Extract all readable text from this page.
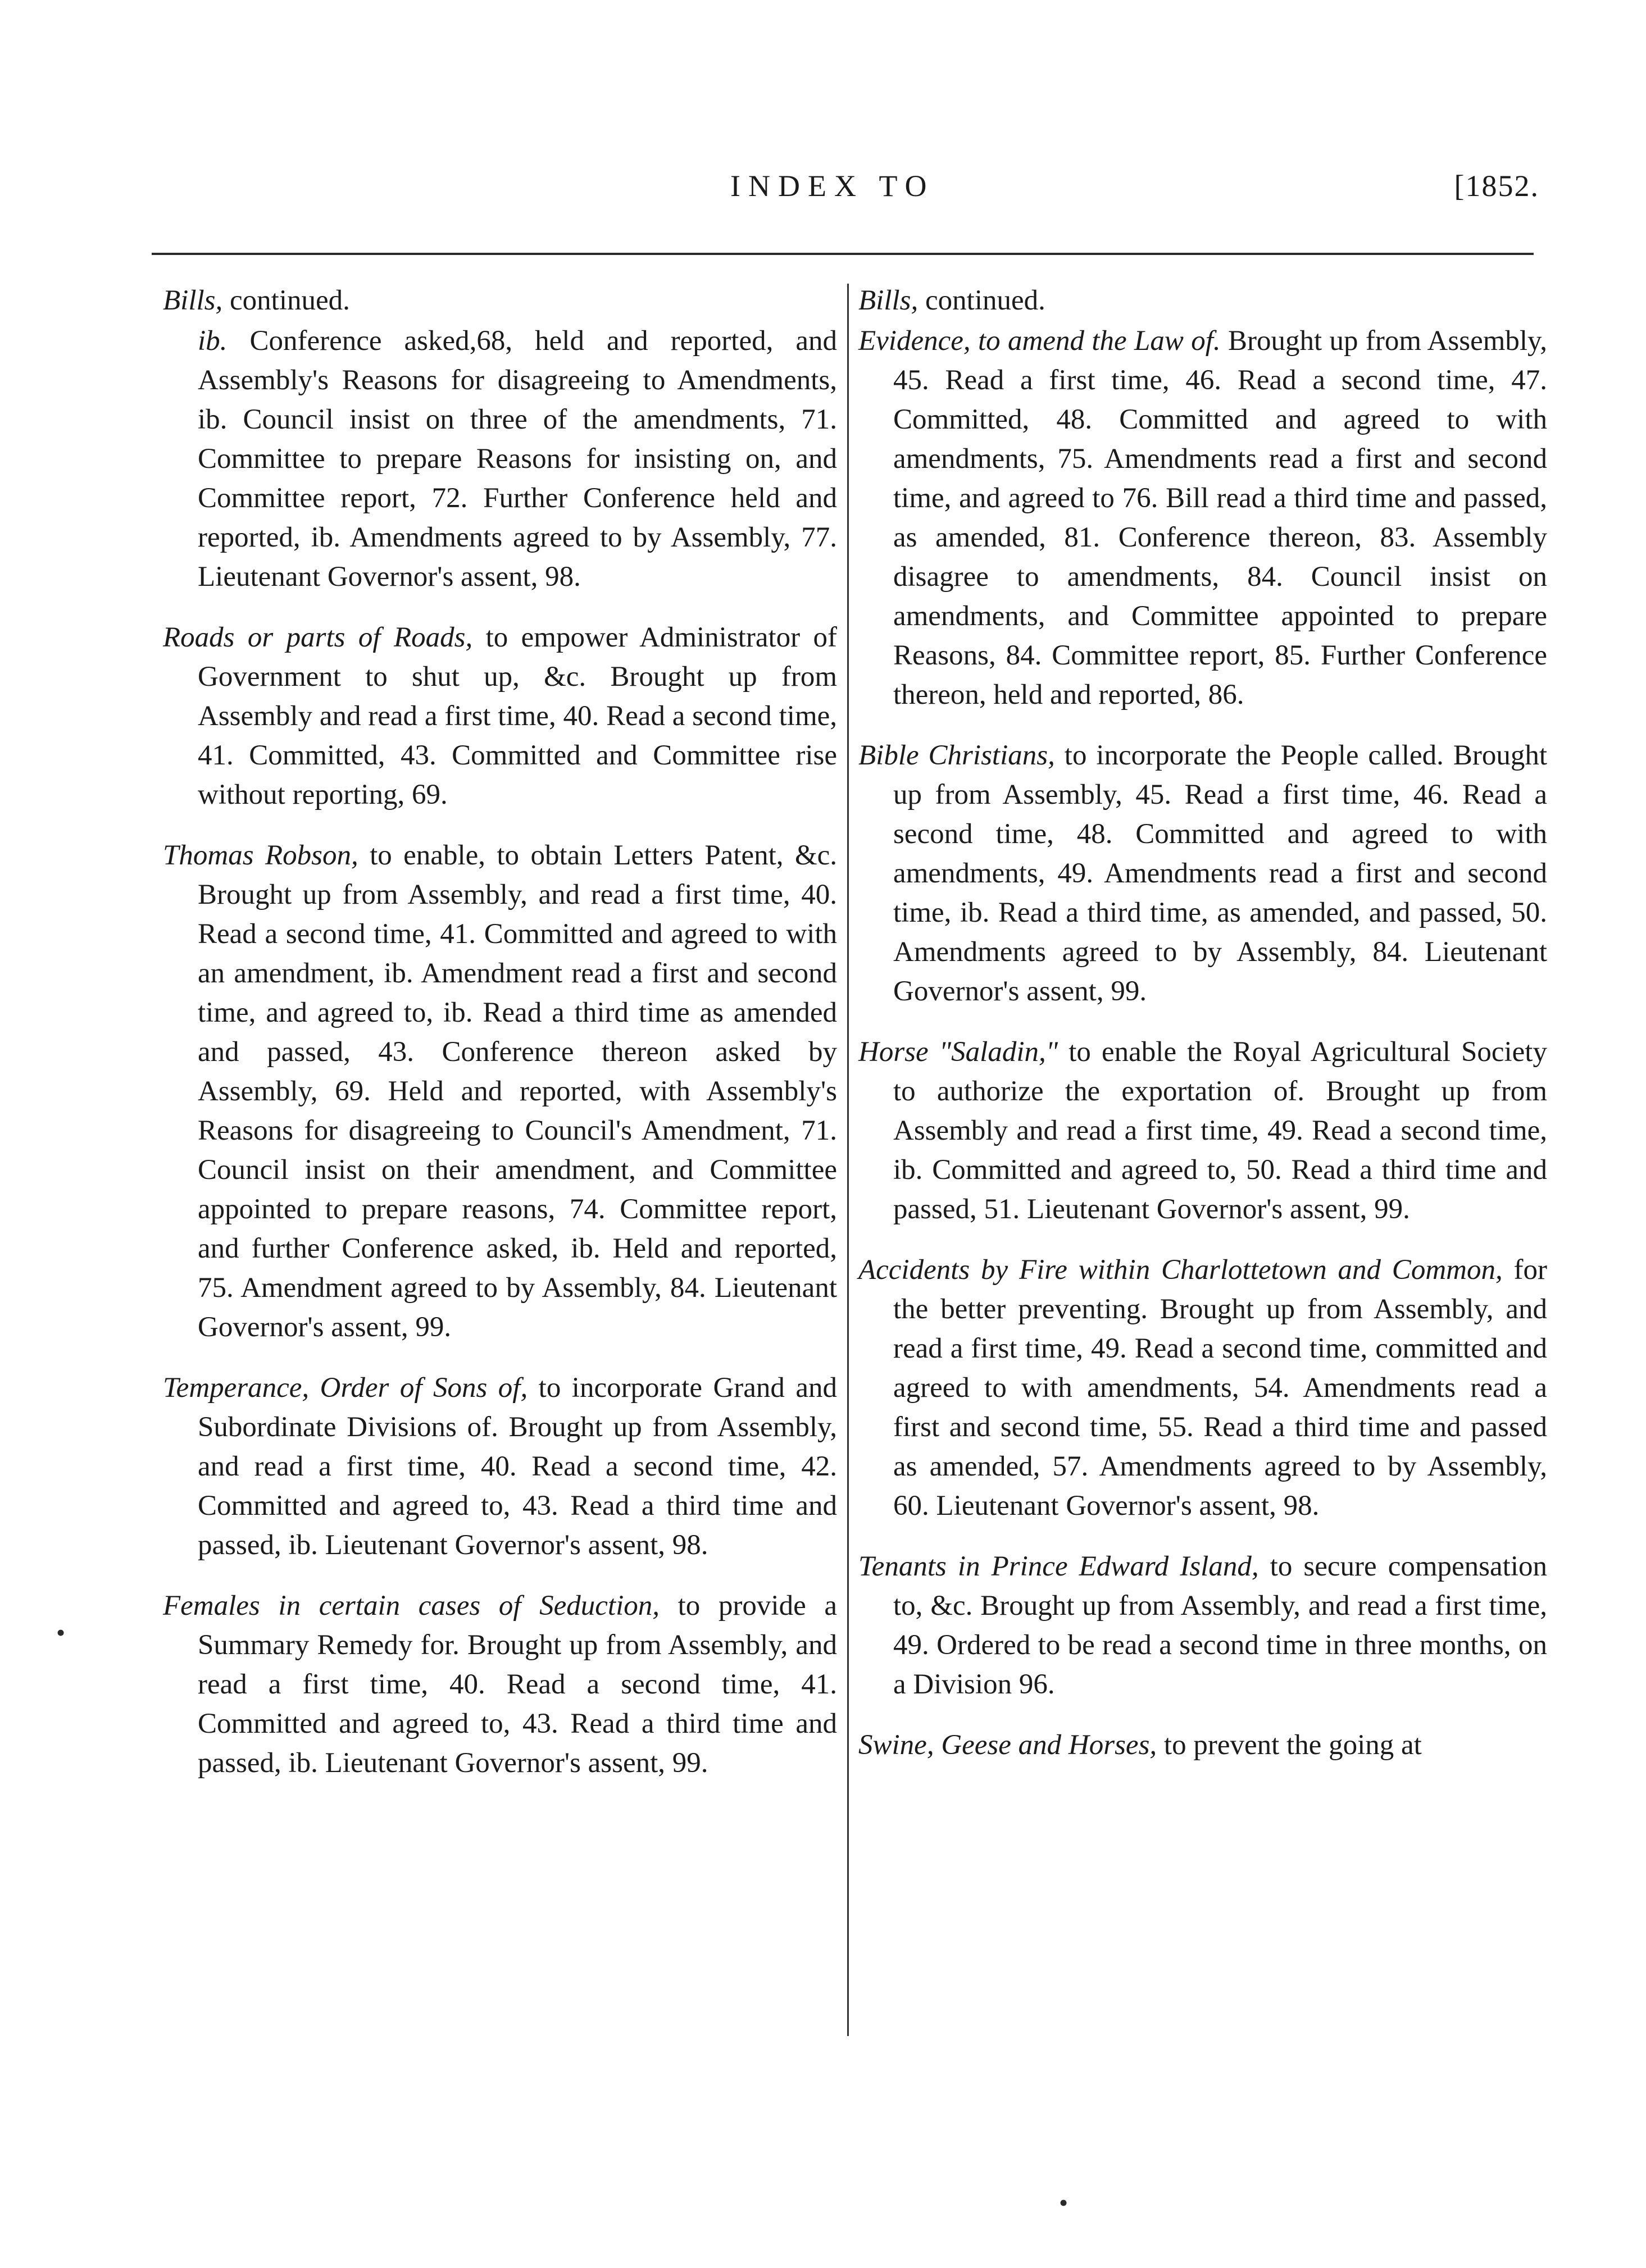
INDEX TO	[1852.
Bills, continued.
ib. Conference asked,68, held and reported, and Assembly's Reasons for disagreeing to Amendments, ib. Council insist on three of the amendments, 71. Committee to prepare Reasons for insisting on, and Committee report, 72. Further Conference held and reported, ib. Amendments agreed to by Assembly, 77. Lieutenant Governor's assent, 98.
Roads or parts of Roads, to empower Administrator of Government to shut up, &c. Brought up from Assembly and read a first time, 40. Read a second time, 41. Committed, 43. Committed and Committee rise without reporting, 69.
Thomas Robson, to enable, to obtain Letters Patent, &c. Brought up from Assembly, and read a first time, 40. Read a second time, 41. Committed and agreed to with an amendment, ib. Amendment read a first and second time, and agreed to, ib. Read a third time as amended and passed, 43. Conference thereon asked by Assembly, 69. Held and reported, with Assembly's Reasons for disagreeing to Council's Amendment, 71. Council insist on their amendment, and Committee appointed to prepare reasons, 74. Committee report, and further Conference asked, ib. Held and reported, 75. Amendment agreed to by Assembly, 84. Lieutenant Governor's assent, 99.
Temperance, Order of Sons of, to incorporate Grand and Subordinate Divisions of. Brought up from Assembly, and read a first time, 40. Read a second time, 42. Committed and agreed to, 43. Read a third time and passed, ib. Lieutenant Governor's assent, 98.
Females in certain cases of Seduction, to provide a Summary Remedy for. Brought up from Assembly, and read a first time, 40. Read a second time, 41. Committed and agreed to, 43. Read a third time and passed, ib. Lieutenant Governor's assent, 99.
Bills, continued.
Evidence, to amend the Law of. Brought up from Assembly, 45. Read a first time, 46. Read a second time, 47. Committed, 48. Committed and agreed to with amendments, 75. Amendments read a first and second time, and agreed to 76. Bill read a third time and passed, as amended, 81. Conference thereon, 83. Assembly disagree to amendments, 84. Council insist on amendments, and Committee appointed to prepare Reasons, 84. Committee report, 85. Further Conference thereon, held and reported, 86.
Bible Christians, to incorporate the People called. Brought up from Assembly, 45. Read a first time, 46. Read a second time, 48. Committed and agreed to with amendments, 49. Amendments read a first and second time, ib. Read a third time, as amended, and passed, 50. Amendments agreed to by Assembly, 84. Lieutenant Governor's assent, 99.
Horse "Saladin," to enable the Royal Agricultural Society to authorize the exportation of. Brought up from Assembly and read a first time, 49. Read a second time, ib. Committed and agreed to, 50. Read a third time and passed, 51. Lieutenant Governor's assent, 99.
Accidents by Fire within Charlottetown and Common, for the better preventing. Brought up from Assembly, and read a first time, 49. Read a second time, committed and agreed to with amendments, 54. Amendments read a first and second time, 55. Read a third time and passed as amended, 57. Amendments agreed to by Assembly, 60. Lieutenant Governor's assent, 98.
Tenants in Prince Edward Island, to secure compensation to, &c. Brought up from Assembly, and read a first time, 49. Ordered to be read a second time in three months, on a Division 96.
Swine, Geese and Horses, to prevent the going at
•
•
